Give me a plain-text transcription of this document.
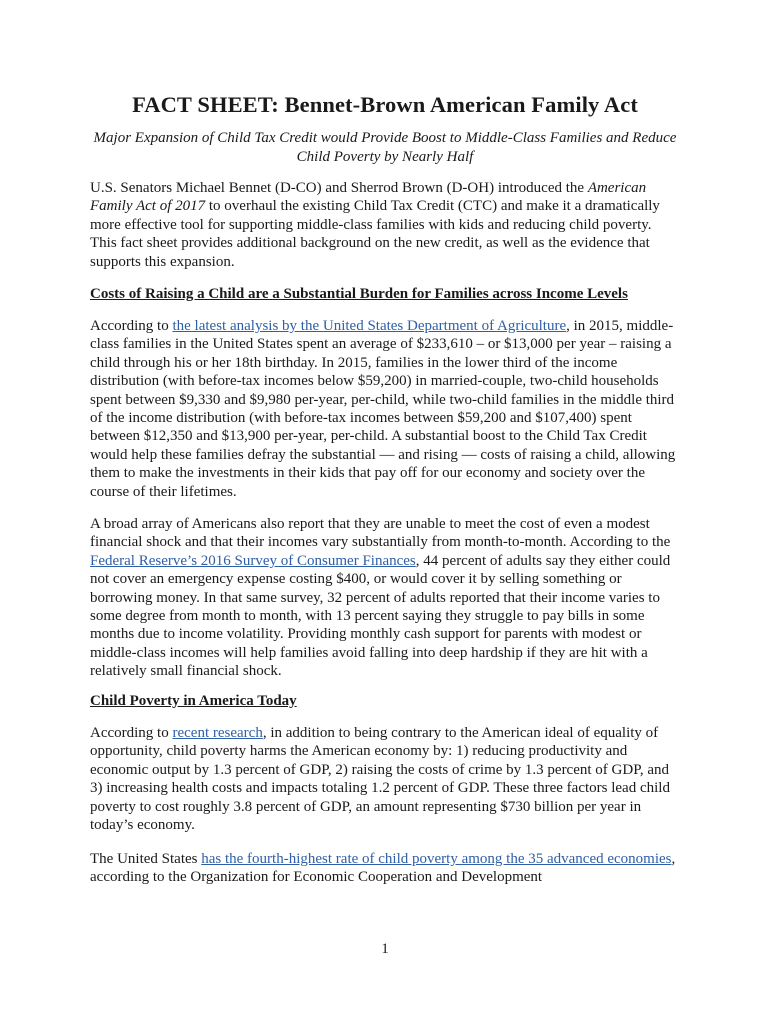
FACT SHEET: Bennet-Brown American Family Act

Major Expansion of Child Tax Credit would Provide Boost to Middle-Class Families and Reduce Child Poverty by Nearly Half

U.S. Senators Michael Bennet (D-CO) and Sherrod Brown (D-OH) introduced the American Family Act of 2017 to overhaul the existing Child Tax Credit (CTC) and make it a dramatically more effective tool for supporting middle-class families with kids and reducing child poverty. This fact sheet provides additional background on the new credit, as well as the evidence that supports this expansion.

Costs of Raising a Child are a Substantial Burden for Families across Income Levels

According to the latest analysis by the United States Department of Agriculture, in 2015, middle-class families in the United States spent an average of $233,610 – or $13,000 per year – raising a child through his or her 18th birthday. In 2015, families in the lower third of the income distribution (with before-tax incomes below $59,200) in married-couple, two-child households spent between $9,330 and $9,980 per-year, per-child, while two-child families in the middle third of the income distribution (with before-tax incomes between $59,200 and $107,400) spent between $12,350 and $13,900 per-year, per-child. A substantial boost to the Child Tax Credit would help these families defray the substantial — and rising — costs of raising a child, allowing them to make the investments in their kids that pay off for our economy and society over the course of their lifetimes.

A broad array of Americans also report that they are unable to meet the cost of even a modest financial shock and that their incomes vary substantially from month-to-month. According to the Federal Reserve’s 2016 Survey of Consumer Finances, 44 percent of adults say they either could not cover an emergency expense costing $400, or would cover it by selling something or borrowing money. In that same survey, 32 percent of adults reported that their income varies to some degree from month to month, with 13 percent saying they struggle to pay bills in some months due to income volatility. Providing monthly cash support for parents with modest or middle-class incomes will help families avoid falling into deep hardship if they are hit with a relatively small financial shock.

Child Poverty in America Today

According to recent research, in addition to being contrary to the American ideal of equality of opportunity, child poverty harms the American economy by: 1) reducing productivity and economic output by 1.3 percent of GDP, 2) raising the costs of crime by 1.3 percent of GDP, and 3) increasing health costs and impacts totaling 1.2 percent of GDP. These three factors lead child poverty to cost roughly 3.8 percent of GDP, an amount representing $730 billion per year in today’s economy.

The United States has the fourth-highest rate of child poverty among the 35 advanced economies, according to the Organization for Economic Cooperation and Development

1
